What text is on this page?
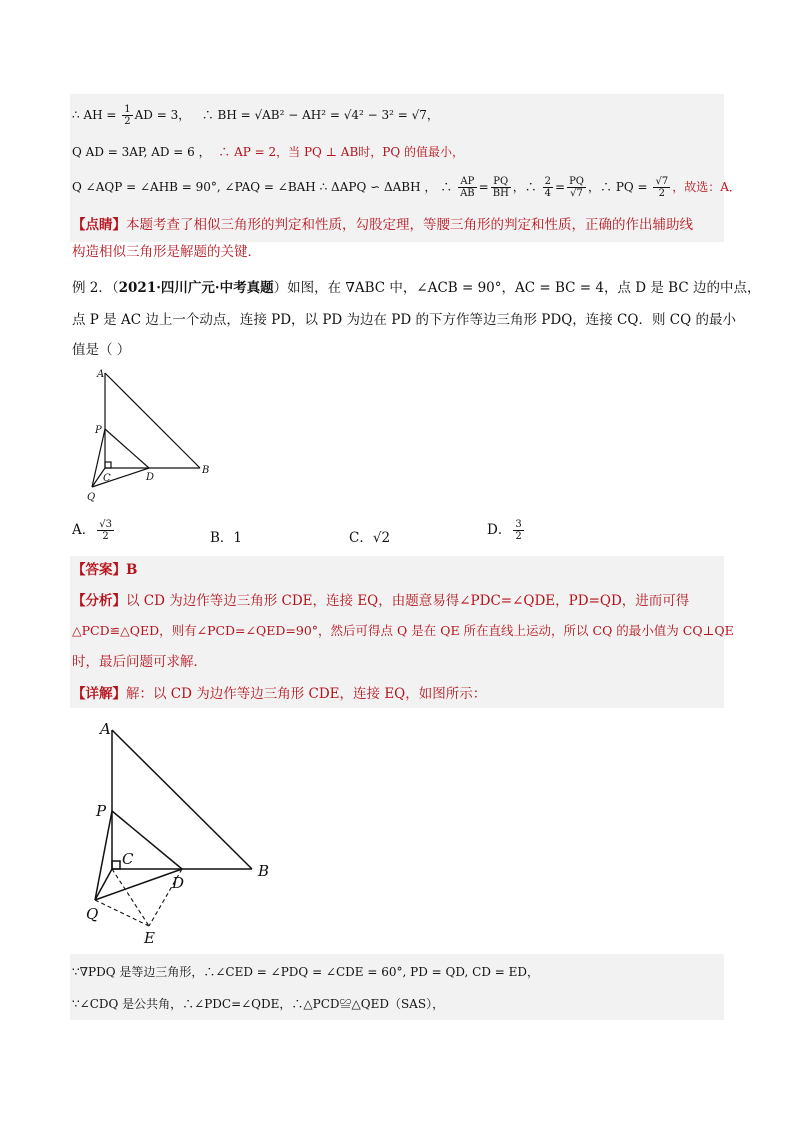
∴ AH = $\frac{1}{2}$ AD = 3， ∴ BH = √AB² − AH² = √4² − 3² = √7，
Q AD = 3AP, AD = 6 ， ∴ AP = 2，当 PQ ⊥ AB时，PQ 的值最小，
Q ∠AQP = ∠AHB = 90°, ∠PAQ = ∠BAH ∴ ΔAPQ ∽ ΔABH ， ∴ $\frac{AP}{AB} = \frac{PQ}{BH}$ ，∴ $\frac{2}{4} = \frac{PQ}{√7}$ ，∴ PQ = $\frac{√7}{2}$ ，故选：A．
【点睛】本题考查了相似三角形的判定和性质，勾股定理，等腰三角形的判定和性质，正确的作出辅助线
构造相似三角形是解题的关键．
例 2．（2021·四川广元·中考真题）如图，在 ∇ABC 中，∠ACB = 90°，AC = BC = 4，点 D 是 BC 边的中点，
点 P 是 AC 边上一个动点，连接 PD，以 PD 为边在 PD 的下方作等边三角形 PDQ，连接 CQ．则 CQ 的最小
值是（ ）
A
P
C	D
B
Q
A． $\frac{√3}{2}$	B．1	C．√2	D． $\frac{3}{2}$
【答案】B
【分析】以 CD 为边作等边三角形 CDE，连接 EQ，由题意易得∠PDC=∠QDE，PD=QD，进而可得
△PCD≌△QED，则有∠PCD=∠QED=90°，然后可得点 Q 是在 QE 所在直线上运动，所以 CQ 的最小值为 CQ⊥QE
时，最后问题可求解．
【详解】解：以 CD 为边作等边三角形 CDE，连接 EQ，如图所示：
A
P
C
D
B
Q
E
∵∇PDQ 是等边三角形，∴∠CED = ∠PDQ = ∠CDE = 60°, PD = QD, CD = ED，
∵∠CDQ 是公共角，∴∠PDC=∠QDE，∴△PCD≌△QED（SAS），
